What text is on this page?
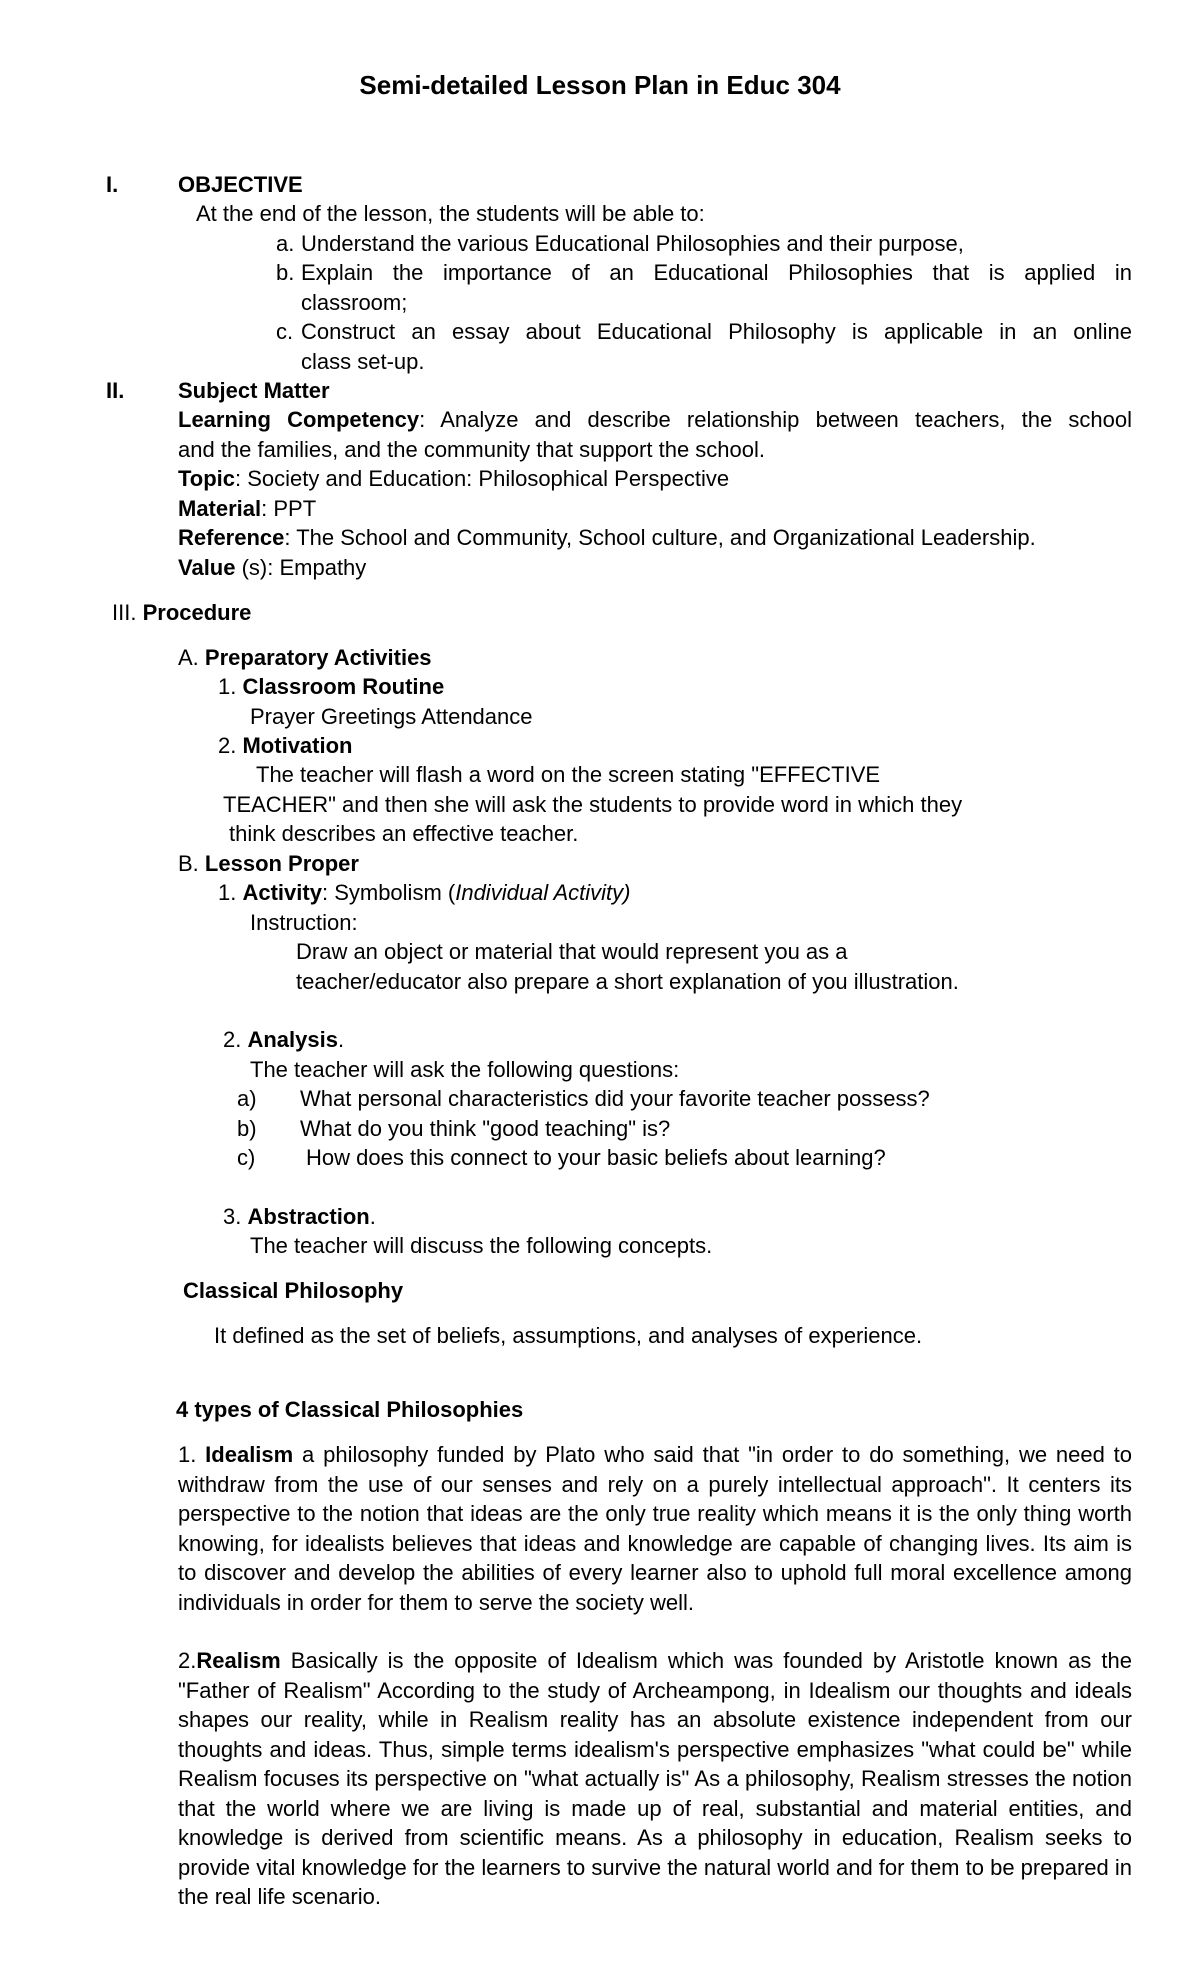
Semi-detailed Lesson Plan in Educ 304
I.	OBJECTIVE
At the end of the lesson, the students will be able to:
a. Understand the various Educational Philosophies and their purpose,
b. Explain the importance of an Educational Philosophies that is applied in
classroom;
c. Construct an essay about Educational Philosophy is applicable in an online
class set-up.
II. Subject Matter
Learning Competency: Analyze and describe relationship between teachers, the school
and the families, and the community that support the school.
Topic: Society and Education: Philosophical Perspective
Material: PPT
Reference: The School and Community, School culture, and Organizational Leadership.
Value (s): Empathy
III. Procedure
A. Preparatory Activities
1. Classroom Routine
Prayer Greetings Attendance
2. Motivation
The teacher will flash a word on the screen stating "EFFECTIVE
TEACHER" and then she will ask the students to provide word in which they
think describes an effective teacher.
B. Lesson Proper
1. Activity: Symbolism (Individual Activity)
Instruction:
Draw an object or material that would represent you as a
teacher/educator also prepare a short explanation of you illustration.
2. Analysis.
The teacher will ask the following questions:
a) What personal characteristics did your favorite teacher possess?
b) What do you think "good teaching" is?
c) How does this connect to your basic beliefs about learning?
3. Abstraction.
The teacher will discuss the following concepts.
Classical Philosophy
It defined as the set of beliefs, assumptions, and analyses of experience.
4 types of Classical Philosophies
1. Idealism a philosophy funded by Plato who said that "in order to do something, we need to withdraw from the use of our senses and rely on a purely intellectual approach". It centers its perspective to the notion that ideas are the only true reality which means it is the only thing worth knowing, for idealists believes that ideas and knowledge are capable of changing lives. Its aim is to discover and develop the abilities of every learner also to uphold full moral excellence among individuals in order for them to serve the society well.
2.Realism Basically is the opposite of Idealism which was founded by Aristotle known as the "Father of Realism" According to the study of Archeampong, in Idealism our thoughts and ideals shapes our reality, while in Realism reality has an absolute existence independent from our thoughts and ideas. Thus, simple terms idealism's perspective emphasizes "what could be" while Realism focuses its perspective on "what actually is" As a philosophy, Realism stresses the notion that the world where we are living is made up of real, substantial and material entities, and knowledge is derived from scientific means. As a philosophy in education, Realism seeks to provide vital knowledge for the learners to survive the natural world and for them to be prepared in the real life scenario.
